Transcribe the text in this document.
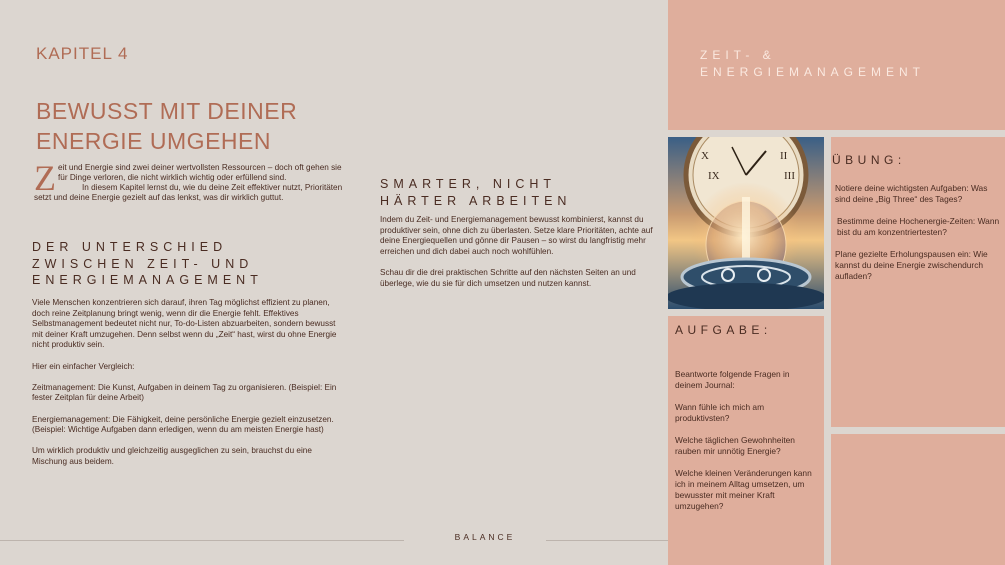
KAPITEL 4
BEWUSST MIT DEINER
ENERGIE UMGEHEN
Z eit und Energie sind zwei deiner wertvollsten Ressourcen – doch oft gehen sie für Dinge verloren, die nicht wirklich wichtig oder erfüllend sind.

In diesem Kapitel lernst du, wie du deine Zeit effektiver nutzt, Prioritäten setzt und deine Energie gezielt auf das lenkst, was dir wirklich guttut.

DER UNTERSCHIED
ZWISCHEN ZEIT- UND
ENERGIEMANAGEMENT

Viele Menschen konzentrieren sich darauf, ihren Tag möglichst effizient zu planen, doch reine Zeitplanung bringt wenig, wenn dir die Energie fehlt. Effektives Selbstmanagement bedeutet nicht nur, To-do-Listen abzuarbeiten, sondern bewusst mit deiner Kraft umzugehen. Denn selbst wenn du „Zeit“ hast, wirst du ohne Energie nicht produktiv sein.

Hier ein einfacher Vergleich:

Zeitmanagement: Die Kunst, Aufgaben in deinem Tag zu organisieren. (Beispiel: Ein fester Zeitplan für deine Arbeit)

Energiemanagement: Die Fähigkeit, deine persönliche Energie gezielt einzusetzen. (Beispiel: Wichtige Aufgaben dann erledigen, wenn du am meisten Energie hast)

Um wirklich produktiv und gleichzeitig ausgeglichen zu sein, brauchst du eine Mischung aus beidem.

SMARTER, NICHT
HÄRTER ARBEITEN

Indem du Zeit- und Energiemanagement bewusst kombinierst, kannst du produktiver sein, ohne dich zu überlasten. Setze klare Prioritäten, achte auf deine Energiequellen und gönne dir Pausen – so wirst du langfristig mehr erreichen und dich dabei auch noch wohlfühlen.

Schau dir die drei praktischen Schritte auf den nächsten Seiten an und überlege, wie du sie für dich umsetzen und nutzen kannst.

BALANCE
ZEIT- &
ENERGIEMANAGEMENT
X
IX
II
III
ÜBUNG:

Notiere deine wichtigsten Aufgaben: Was sind deine „Big Three“ des Tages?

Bestimme deine Hochenergie-Zeiten: Wann bist du am konzentriertesten?

Plane gezielte Erholungspausen ein: Wie kannst du deine Energie zwischendurch aufladen?

AUFGABE:

Beantworte folgende Fragen in deinem Journal:

Wann fühle ich mich am produktivsten?

Welche täglichen Gewohnheiten rauben mir unnötig Energie?

Welche kleinen Veränderungen kann ich in meinem Alltag umsetzen, um bewusster mit meiner Kraft umzugehen?
